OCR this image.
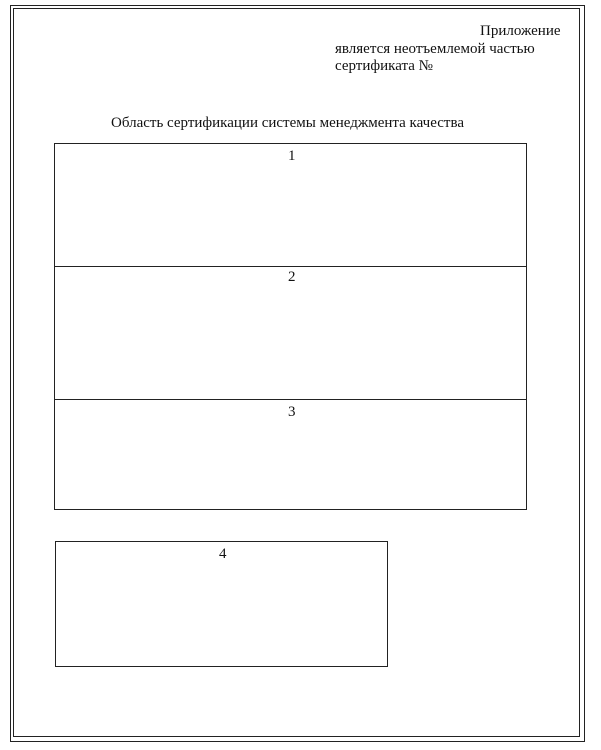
Приложение
является неотъемлемой частью
сертификата №
Область сертификации системы менеджмента качества
1
2
3
4
